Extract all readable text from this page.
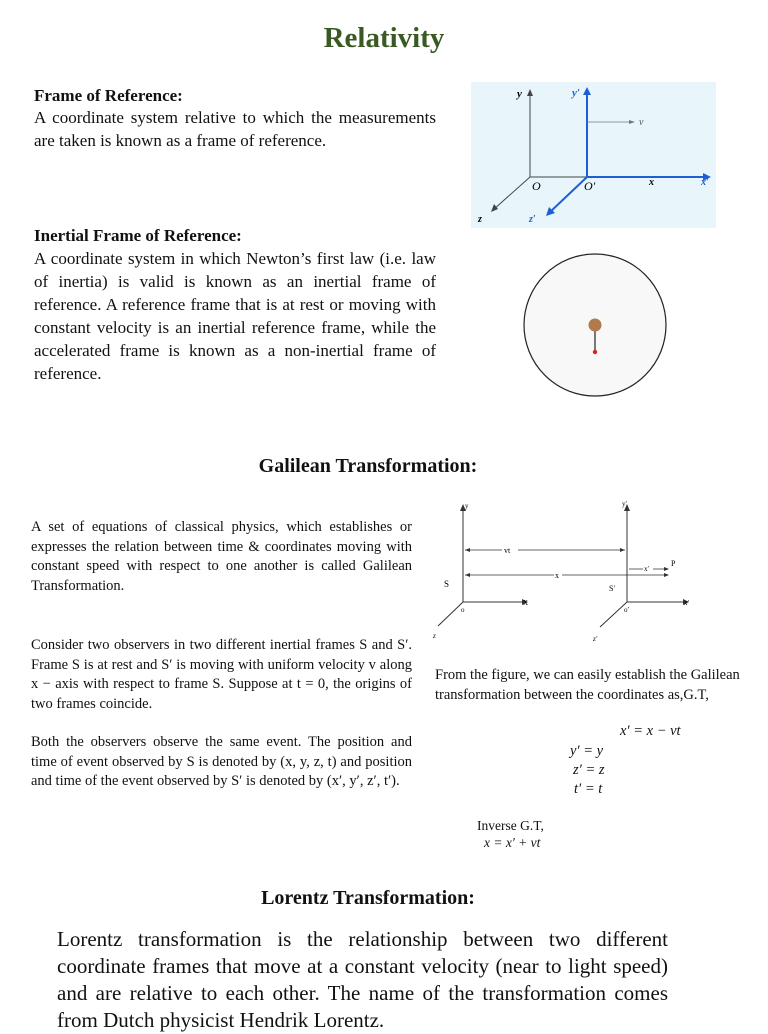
Relativity
Frame of Reference:
A coordinate system relative to which the measurements are taken is known as a frame of reference.
Inertial Frame of Reference:
A coordinate system in which Newton’s first law (i.e. law of inertia) is valid is known as an inertial frame of reference. A reference frame that is at rest or moving with constant velocity is an inertial reference frame, while the accelerated frame is known as a non-inertial frame of reference.
y	y′
v
O	O′	x	x′
z	z′
Galilean Transformation:
A set of equations of classical physics, which establishes or expresses the relation between time & coordinates moving with constant speed with respect to one another is called Galilean Transformation.
Consider two observers in two different inertial frames S and S′. Frame S is at rest and S′ is moving with uniform velocity v along x − axis with respect to frame S. Suppose at t = 0, the origins of two frames coincide.
Both the observers observe the same event. The position and time of event observed by S is denoted by (x, y, z, t) and position and time of the event observed by S′ is denoted by (x′, y′, z′, t′).
y	y′
vt
x
x′
P
S	S′
o	o′
X	x′
z	z′
From the figure, we can easily establish the Galilean transformation between the coordinates as,G.T,
x′ = x − vt
y′ = y
z′ = z
t′ = t
Inverse G.T,
x = x′ + vt
Lorentz Transformation:
Lorentz transformation is the relationship between two different coordinate frames that move at a constant velocity (near to light speed) and are relative to each other. The name of the transformation comes from Dutch physicist Hendrik Lorentz.
